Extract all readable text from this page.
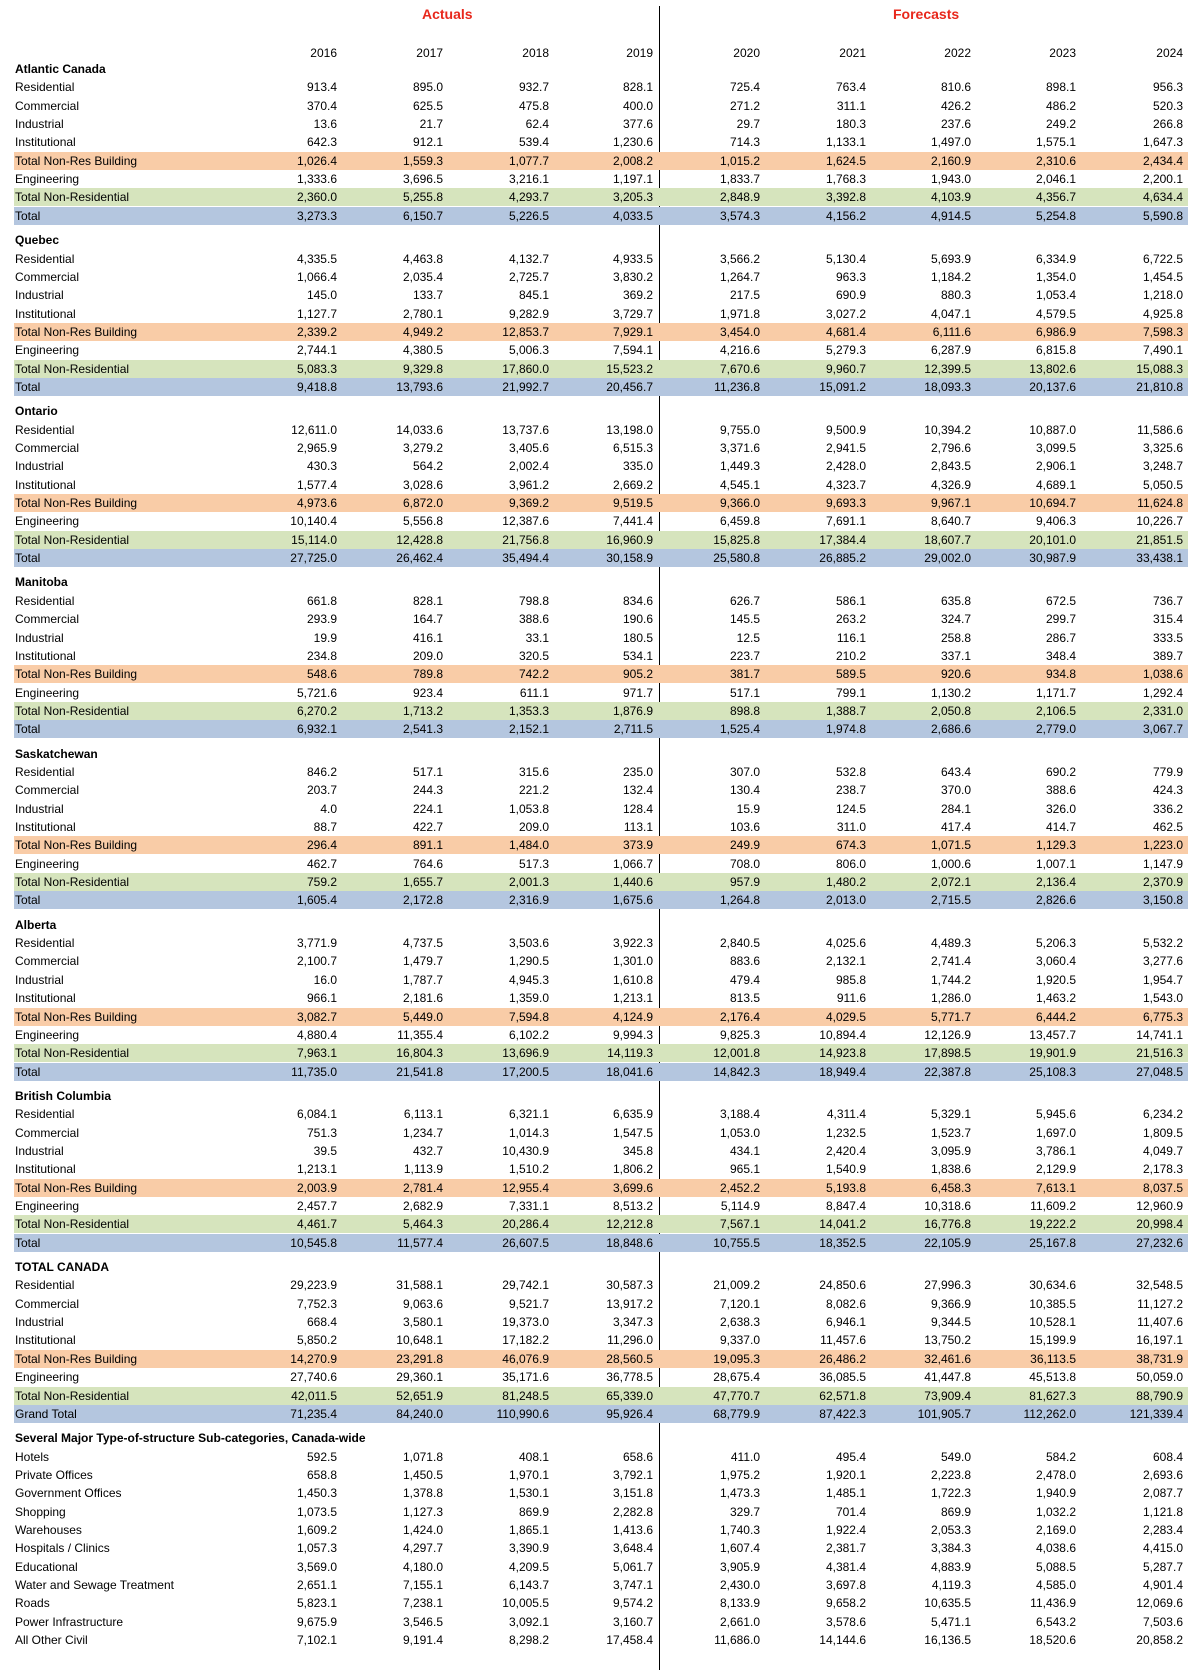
Actuals	Forecasts
2016	2017	2018	2019	2020	2021	2022	2023	2024
Atlantic Canada
Residential	913.4	895.0	932.7	828.1	725.4	763.4	810.6	898.1	956.3
Commercial	370.4	625.5	475.8	400.0	271.2	311.1	426.2	486.2	520.3
Industrial	13.6	21.7	62.4	377.6	29.7	180.3	237.6	249.2	266.8
Institutional	642.3	912.1	539.4	1,230.6	714.3	1,133.1	1,497.0	1,575.1	1,647.3
Total Non-Res Building	1,026.4	1,559.3	1,077.7	2,008.2	1,015.2	1,624.5	2,160.9	2,310.6	2,434.4
Engineering	1,333.6	3,696.5	3,216.1	1,197.1	1,833.7	1,768.3	1,943.0	2,046.1	2,200.1
Total Non-Residential	2,360.0	5,255.8	4,293.7	3,205.3	2,848.9	3,392.8	4,103.9	4,356.7	4,634.4
Total	3,273.3	6,150.7	5,226.5	4,033.5	3,574.3	4,156.2	4,914.5	5,254.8	5,590.8
Quebec
Residential	4,335.5	4,463.8	4,132.7	4,933.5	3,566.2	5,130.4	5,693.9	6,334.9	6,722.5
Commercial	1,066.4	2,035.4	2,725.7	3,830.2	1,264.7	963.3	1,184.2	1,354.0	1,454.5
Industrial	145.0	133.7	845.1	369.2	217.5	690.9	880.3	1,053.4	1,218.0
Institutional	1,127.7	2,780.1	9,282.9	3,729.7	1,971.8	3,027.2	4,047.1	4,579.5	4,925.8
Total Non-Res Building	2,339.2	4,949.2	12,853.7	7,929.1	3,454.0	4,681.4	6,111.6	6,986.9	7,598.3
Engineering	2,744.1	4,380.5	5,006.3	7,594.1	4,216.6	5,279.3	6,287.9	6,815.8	7,490.1
Total Non-Residential	5,083.3	9,329.8	17,860.0	15,523.2	7,670.6	9,960.7	12,399.5	13,802.6	15,088.3
Total	9,418.8	13,793.6	21,992.7	20,456.7	11,236.8	15,091.2	18,093.3	20,137.6	21,810.8
Ontario
Residential	12,611.0	14,033.6	13,737.6	13,198.0	9,755.0	9,500.9	10,394.2	10,887.0	11,586.6
Commercial	2,965.9	3,279.2	3,405.6	6,515.3	3,371.6	2,941.5	2,796.6	3,099.5	3,325.6
Industrial	430.3	564.2	2,002.4	335.0	1,449.3	2,428.0	2,843.5	2,906.1	3,248.7
Institutional	1,577.4	3,028.6	3,961.2	2,669.2	4,545.1	4,323.7	4,326.9	4,689.1	5,050.5
Total Non-Res Building	4,973.6	6,872.0	9,369.2	9,519.5	9,366.0	9,693.3	9,967.1	10,694.7	11,624.8
Engineering	10,140.4	5,556.8	12,387.6	7,441.4	6,459.8	7,691.1	8,640.7	9,406.3	10,226.7
Total Non-Residential	15,114.0	12,428.8	21,756.8	16,960.9	15,825.8	17,384.4	18,607.7	20,101.0	21,851.5
Total	27,725.0	26,462.4	35,494.4	30,158.9	25,580.8	26,885.2	29,002.0	30,987.9	33,438.1
Manitoba
Residential	661.8	828.1	798.8	834.6	626.7	586.1	635.8	672.5	736.7
Commercial	293.9	164.7	388.6	190.6	145.5	263.2	324.7	299.7	315.4
Industrial	19.9	416.1	33.1	180.5	12.5	116.1	258.8	286.7	333.5
Institutional	234.8	209.0	320.5	534.1	223.7	210.2	337.1	348.4	389.7
Total Non-Res Building	548.6	789.8	742.2	905.2	381.7	589.5	920.6	934.8	1,038.6
Engineering	5,721.6	923.4	611.1	971.7	517.1	799.1	1,130.2	1,171.7	1,292.4
Total Non-Residential	6,270.2	1,713.2	1,353.3	1,876.9	898.8	1,388.7	2,050.8	2,106.5	2,331.0
Total	6,932.1	2,541.3	2,152.1	2,711.5	1,525.4	1,974.8	2,686.6	2,779.0	3,067.7
Saskatchewan
Residential	846.2	517.1	315.6	235.0	307.0	532.8	643.4	690.2	779.9
Commercial	203.7	244.3	221.2	132.4	130.4	238.7	370.0	388.6	424.3
Industrial	4.0	224.1	1,053.8	128.4	15.9	124.5	284.1	326.0	336.2
Institutional	88.7	422.7	209.0	113.1	103.6	311.0	417.4	414.7	462.5
Total Non-Res Building	296.4	891.1	1,484.0	373.9	249.9	674.3	1,071.5	1,129.3	1,223.0
Engineering	462.7	764.6	517.3	1,066.7	708.0	806.0	1,000.6	1,007.1	1,147.9
Total Non-Residential	759.2	1,655.7	2,001.3	1,440.6	957.9	1,480.2	2,072.1	2,136.4	2,370.9
Total	1,605.4	2,172.8	2,316.9	1,675.6	1,264.8	2,013.0	2,715.5	2,826.6	3,150.8
Alberta
Residential	3,771.9	4,737.5	3,503.6	3,922.3	2,840.5	4,025.6	4,489.3	5,206.3	5,532.2
Commercial	2,100.7	1,479.7	1,290.5	1,301.0	883.6	2,132.1	2,741.4	3,060.4	3,277.6
Industrial	16.0	1,787.7	4,945.3	1,610.8	479.4	985.8	1,744.2	1,920.5	1,954.7
Institutional	966.1	2,181.6	1,359.0	1,213.1	813.5	911.6	1,286.0	1,463.2	1,543.0
Total Non-Res Building	3,082.7	5,449.0	7,594.8	4,124.9	2,176.4	4,029.5	5,771.7	6,444.2	6,775.3
Engineering	4,880.4	11,355.4	6,102.2	9,994.3	9,825.3	10,894.4	12,126.9	13,457.7	14,741.1
Total Non-Residential	7,963.1	16,804.3	13,696.9	14,119.3	12,001.8	14,923.8	17,898.5	19,901.9	21,516.3
Total	11,735.0	21,541.8	17,200.5	18,041.6	14,842.3	18,949.4	22,387.8	25,108.3	27,048.5
British Columbia
Residential	6,084.1	6,113.1	6,321.1	6,635.9	3,188.4	4,311.4	5,329.1	5,945.6	6,234.2
Commercial	751.3	1,234.7	1,014.3	1,547.5	1,053.0	1,232.5	1,523.7	1,697.0	1,809.5
Industrial	39.5	432.7	10,430.9	345.8	434.1	2,420.4	3,095.9	3,786.1	4,049.7
Institutional	1,213.1	1,113.9	1,510.2	1,806.2	965.1	1,540.9	1,838.6	2,129.9	2,178.3
Total Non-Res Building	2,003.9	2,781.4	12,955.4	3,699.6	2,452.2	5,193.8	6,458.3	7,613.1	8,037.5
Engineering	2,457.7	2,682.9	7,331.1	8,513.2	5,114.9	8,847.4	10,318.6	11,609.2	12,960.9
Total Non-Residential	4,461.7	5,464.3	20,286.4	12,212.8	7,567.1	14,041.2	16,776.8	19,222.2	20,998.4
Total	10,545.8	11,577.4	26,607.5	18,848.6	10,755.5	18,352.5	22,105.9	25,167.8	27,232.6
TOTAL CANADA
Residential	29,223.9	31,588.1	29,742.1	30,587.3	21,009.2	24,850.6	27,996.3	30,634.6	32,548.5
Commercial	7,752.3	9,063.6	9,521.7	13,917.2	7,120.1	8,082.6	9,366.9	10,385.5	11,127.2
Industrial	668.4	3,580.1	19,373.0	3,347.3	2,638.3	6,946.1	9,344.5	10,528.1	11,407.6
Institutional	5,850.2	10,648.1	17,182.2	11,296.0	9,337.0	11,457.6	13,750.2	15,199.9	16,197.1
Total Non-Res Building	14,270.9	23,291.8	46,076.9	28,560.5	19,095.3	26,486.2	32,461.6	36,113.5	38,731.9
Engineering	27,740.6	29,360.1	35,171.6	36,778.5	28,675.4	36,085.5	41,447.8	45,513.8	50,059.0
Total Non-Residential	42,011.5	52,651.9	81,248.5	65,339.0	47,770.7	62,571.8	73,909.4	81,627.3	88,790.9
Grand Total	71,235.4	84,240.0	110,990.6	95,926.4	68,779.9	87,422.3	101,905.7	112,262.0	121,339.4
Several Major Type-of-structure Sub-categories, Canada-wide
Hotels	592.5	1,071.8	408.1	658.6	411.0	495.4	549.0	584.2	608.4
Private Offices	658.8	1,450.5	1,970.1	3,792.1	1,975.2	1,920.1	2,223.8	2,478.0	2,693.6
Government Offices	1,450.3	1,378.8	1,530.1	3,151.8	1,473.3	1,485.1	1,722.3	1,940.9	2,087.7
Shopping	1,073.5	1,127.3	869.9	2,282.8	329.7	701.4	869.9	1,032.2	1,121.8
Warehouses	1,609.2	1,424.0	1,865.1	1,413.6	1,740.3	1,922.4	2,053.3	2,169.0	2,283.4
Hospitals / Clinics	1,057.3	4,297.7	3,390.9	3,648.4	1,607.4	2,381.7	3,384.3	4,038.6	4,415.0
Educational	3,569.0	4,180.0	4,209.5	5,061.7	3,905.9	4,381.4	4,883.9	5,088.5	5,287.7
Water and Sewage Treatment	2,651.1	7,155.1	6,143.7	3,747.1	2,430.0	3,697.8	4,119.3	4,585.0	4,901.4
Roads	5,823.1	7,238.1	10,005.5	9,574.2	8,133.9	9,658.2	10,635.5	11,436.9	12,069.6
Power Infrastructure	9,675.9	3,546.5	3,092.1	3,160.7	2,661.0	3,578.6	5,471.1	6,543.2	7,503.6
All Other Civil	7,102.1	9,191.4	8,298.2	17,458.4	11,686.0	14,144.6	16,136.5	18,520.6	20,858.2
